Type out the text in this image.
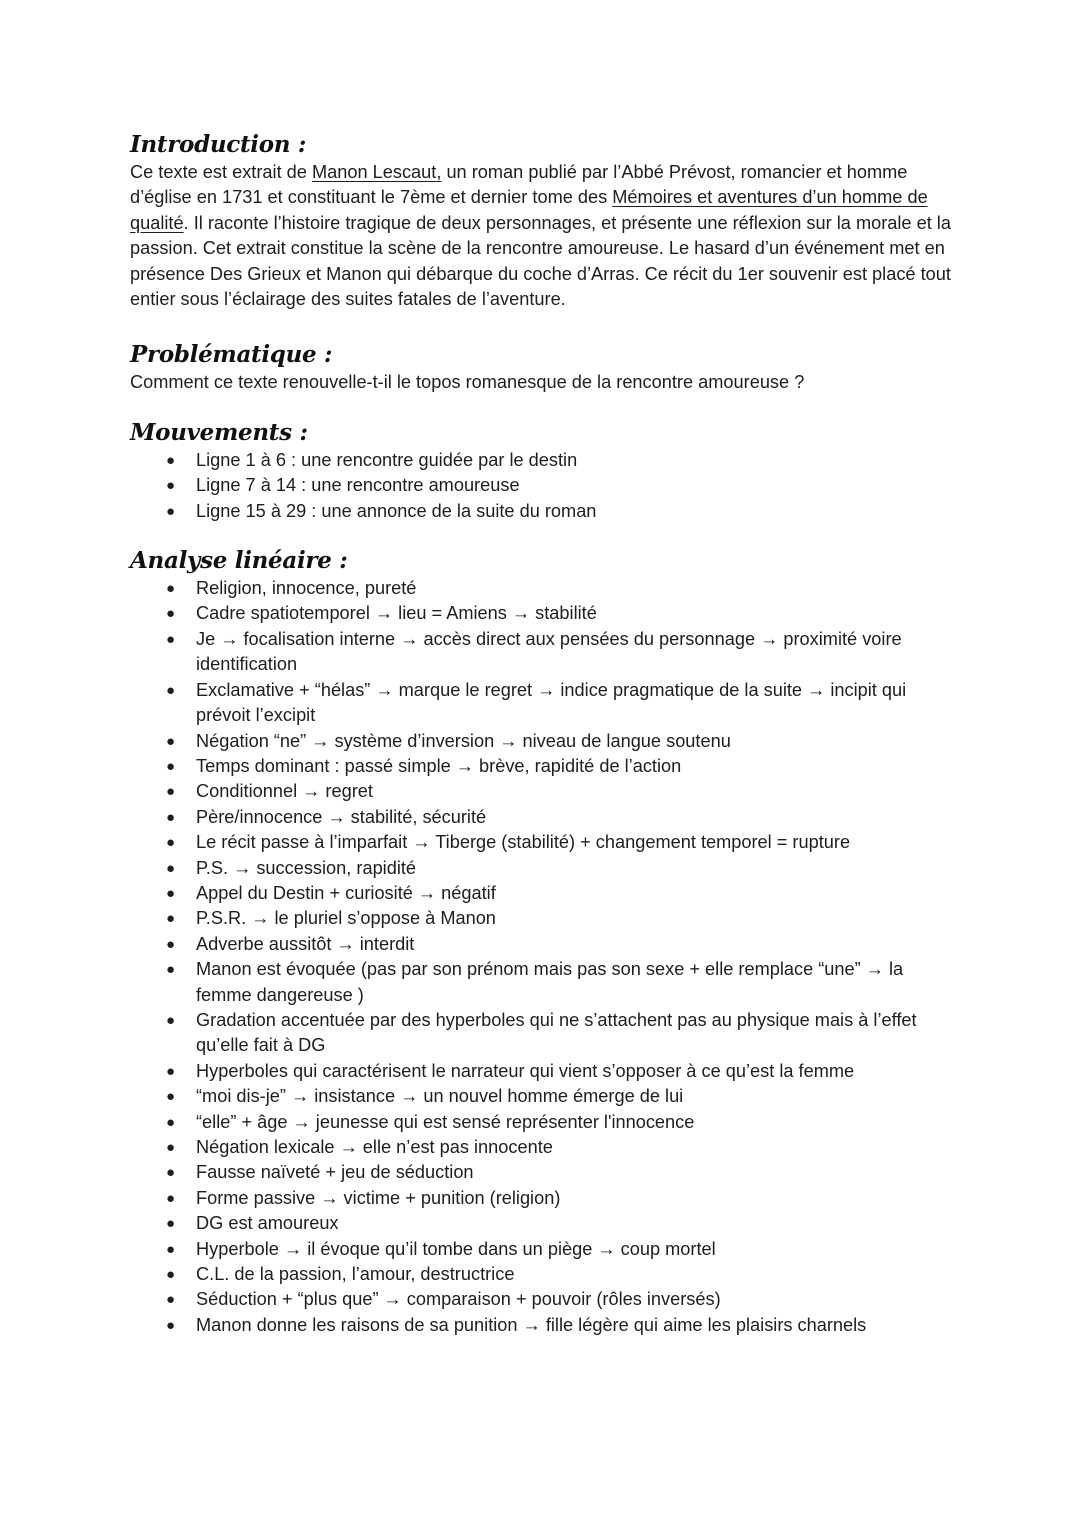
Introduction :

Ce texte est extrait de Manon Lescaut, un roman publié par l’Abbé Prévost, romancier et homme d’église en 1731 et constituant le 7ème et dernier tome des Mémoires et aventures d’un homme de qualité. Il raconte l’histoire tragique de deux personnages, et présente une réflexion sur la morale et la passion. Cet extrait constitue la scène de la rencontre amoureuse. Le hasard d’un événement met en présence Des Grieux et Manon qui débarque du coche d’Arras. Ce récit du 1er souvenir est placé tout entier sous l’éclairage des suites fatales de l’aventure.

Problématique :

Comment ce texte renouvelle-t-il le topos romanesque de la rencontre amoureuse ?

Mouvements :
● Ligne 1 à 6 : une rencontre guidée par le destin
● Ligne 7 à 14 : une rencontre amoureuse
● Ligne 15 à 29 : une annonce de la suite du roman
Analyse linéaire :
● Religion, innocence, pureté
● Cadre spatiotemporel → lieu = Amiens → stabilité
● Je → focalisation interne → accès direct aux pensées du personnage → proximité voire identification
● Exclamative + “hélas” → marque le regret → indice pragmatique de la suite → incipit qui prévoit l’excipit
● Négation “ne” → système d’inversion → niveau de langue soutenu
● Temps dominant : passé simple → brève, rapidité de l’action
● Conditionnel → regret
● Père/innocence → stabilité, sécurité
● Le récit passe à l’imparfait → Tiberge (stabilité) + changement temporel = rupture
● P.S. → succession, rapidité
● Appel du Destin + curiosité → négatif
● P.S.R. → le pluriel s’oppose à Manon
● Adverbe aussitôt → interdit
● Manon est évoquée (pas par son prénom mais pas son sexe + elle remplace “une” → la femme dangereuse )
● Gradation accentuée par des hyperboles qui ne s’attachent pas au physique mais à l’effet qu’elle fait à DG
● Hyperboles qui caractérisent le narrateur qui vient s’opposer à ce qu’est la femme
● “moi dis-je” → insistance → un nouvel homme émerge de lui
● “elle” + âge → jeunesse qui est sensé représenter l'innocence
● Négation lexicale → elle n’est pas innocente
● Fausse naïveté + jeu de séduction
● Forme passive → victime + punition (religion)
● DG est amoureux
● Hyperbole → il évoque qu’il tombe dans un piège → coup mortel
● C.L. de la passion, l’amour, destructrice
● Séduction + “plus que” → comparaison + pouvoir (rôles inversés)
● Manon donne les raisons de sa punition → fille légère qui aime les plaisirs charnels
